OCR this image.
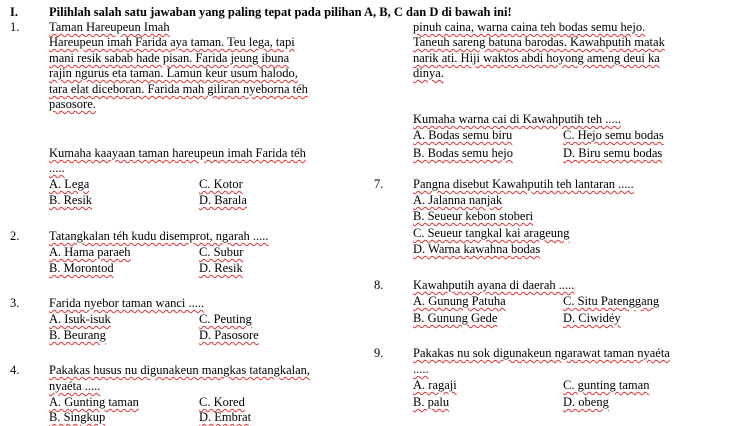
I. Pilihlah salah satu jawaban yang paling tepat pada pilihan A, B, C dan D di bawah ini!
1. Taman Hareupeun Imah
Hareupeun imah Farida aya taman. Teu lega, tapi
mani resik sabab hade pisan. Farida jeung ibuna
rajin ngurus eta taman. Lamun keur usum halodo,
tara elat diceboran. Farida mah giliran nyeborna téh
pasosore.
pinuh caina, warna caina teh bodas semu hejo.
Taneuh sareng batuna barodas. Kawahputih matak
narik ati. Hiji waktos abdi hoyong ameng deui ka
dinya.
Kumaha kaayaan taman hareupeun imah Farida téh
.....
A. Lega	C. Kotor
B. Resik	D. Barala
2. Tatangkalan téh kudu disemprot, ngarah .....
A. Hama paraeh	C. Subur
B. Morontod	D. Resik
3. Farida nyebor taman wanci .....
A. Isuk-isuk	C. Peuting
B. Beurang	D. Pasosore
4. Pakakas husus nu digunakeun mangkas tatangkalan,
nyaéta .....
A. Gunting taman	C. Kored
B. Singkup	D. Embrat
Kumaha warna cai di Kawahputih teh .....
A. Bodas semu biru	C. Hejo semu bodas
B. Bodas semu hejo	D. Biru semu bodas
7. Pangna disebut Kawahputih teh lantaran .....
A. Jalanna nanjak
B. Seueur kebon stoberi
C. Seueur tangkal kai arageung
D. Warna kawahna bodas
8. Kawahputih ayana di daerah .....
A. Gunung Patuha	C. Situ Patenggang
B. Gunung Gede	D. Ciwidéy
9. Pakakas nu sok digunakeun ngarawat taman nyaéta
.....
A. ragaji	C. gunting taman
B. palu	D. obeng
